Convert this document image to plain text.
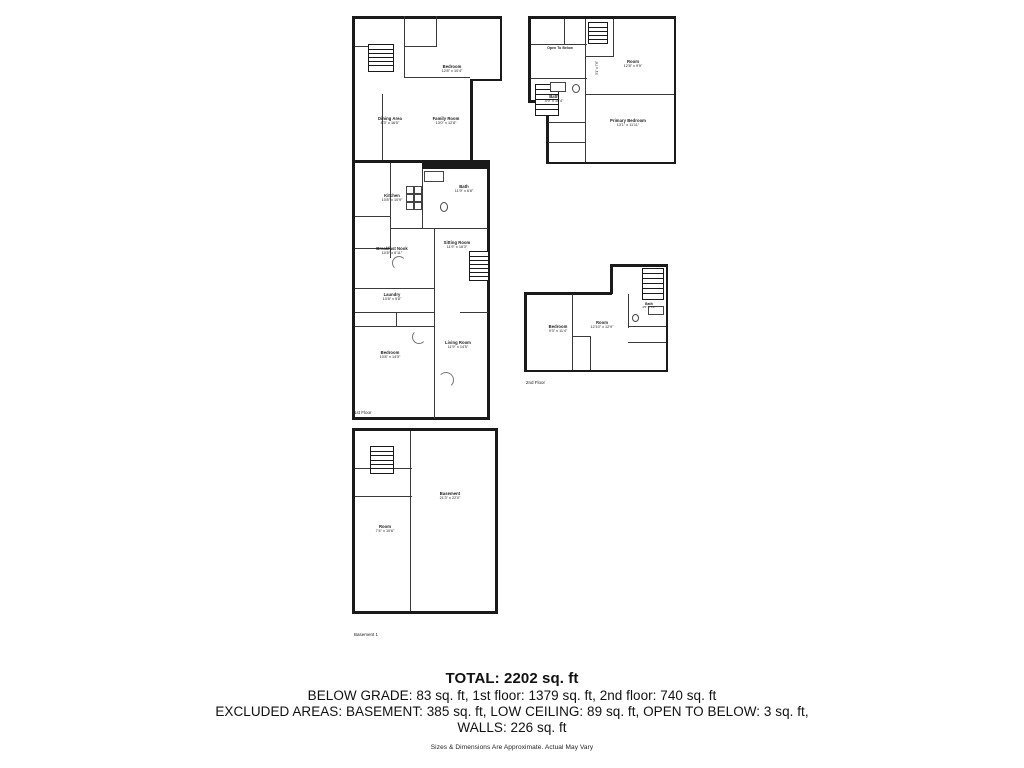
Bedroom
12'8" x 10'4"
Dining Area
8'3" x 16'5"
Family Room
13'0" x 12'8"
Kitchen
10'8" x 10'9"
Bath
11'9" x 6'8"
Breakfast Nook
10'8" x 6'11"
Sitting Room
11'9" x 16'3"
Laundry
10'8" x 5'8"
Bedroom
10'8" x 14'5"
Living Room
11'9" x 14'5"
1st Floor
Open To Below
Room
12'8" x 9'5"
Bath
4'9" x 10'4"
Primary Bedroom
13'1" x 11'11"
3'1" x 7'6"
Bedroom
9'3" x 11'4"
Room
12'10" x 12'9"
Bath
4'5" x 5'2"
2nd Floor
Basement
21'3" x 22'0"
Room
7'4" x 10'6"
Basement 1

TOTAL: 2202 sq. ft

BELOW GRADE: 83 sq. ft, 1st floor: 1379 sq. ft, 2nd floor: 740 sq. ft

EXCLUDED AREAS: BASEMENT: 385 sq. ft, LOW CEILING: 89 sq. ft, OPEN TO BELOW: 3 sq. ft,

WALLS: 226 sq. ft

Sizes & Dimensions Are Approximate. Actual May Vary
